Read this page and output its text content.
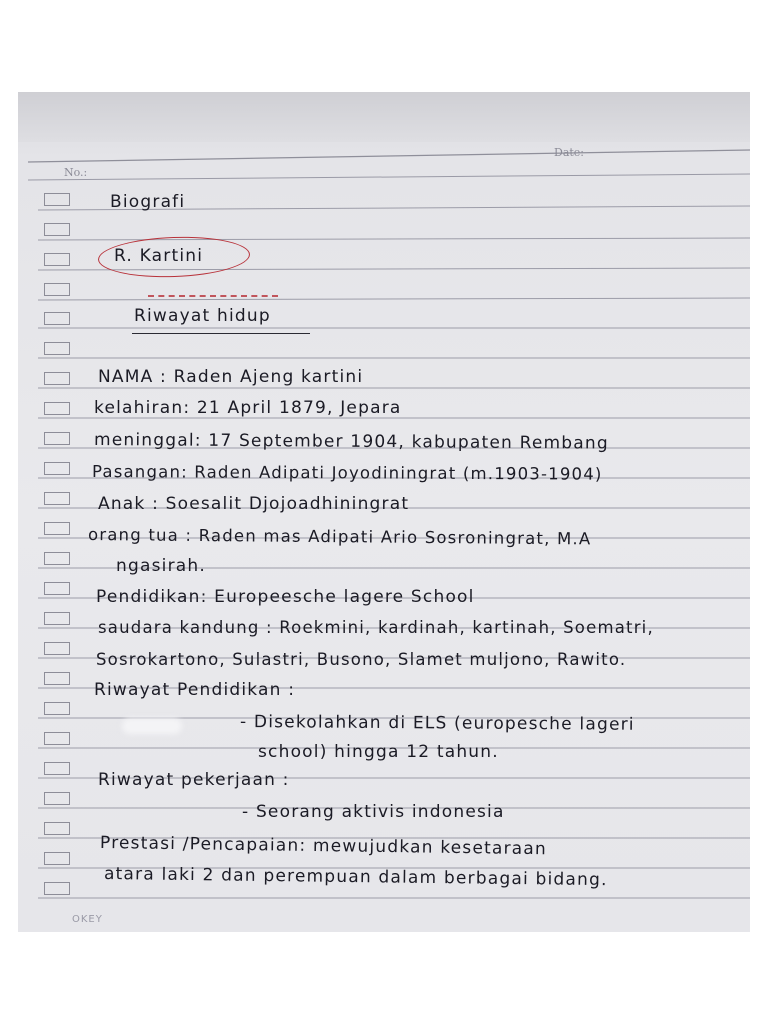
No.:
Date:
Biografi
R. Kartini
Riwayat hidup
NAMA : Raden Ajeng kartini
kelahiran: 21 April 1879, Jepara
meninggal: 17 September 1904, kabupaten Rembang
Pasangan: Raden Adipati Joyodiningrat (m.1903-1904)
Anak : Soesalit Djojoadhiningrat
orang tua : Raden mas Adipati Ario Sosroningrat, M.A
ngasirah.
Pendidikan: Europeesche lagere School
saudara kandung : Roekmini, kardinah, kartinah, Soematri,
Sosrokartono, Sulastri, Busono, Slamet muljono, Rawito.
Riwayat Pendidikan :
- Disekolahkan di ELS (europesche lageri
school) hingga 12 tahun.
Riwayat pekerjaan :
- Seorang aktivis indonesia
Prestasi /Pencapaian: mewujudkan kesetaraan
atara laki 2 dan perempuan dalam berbagai bidang.
OKEY
